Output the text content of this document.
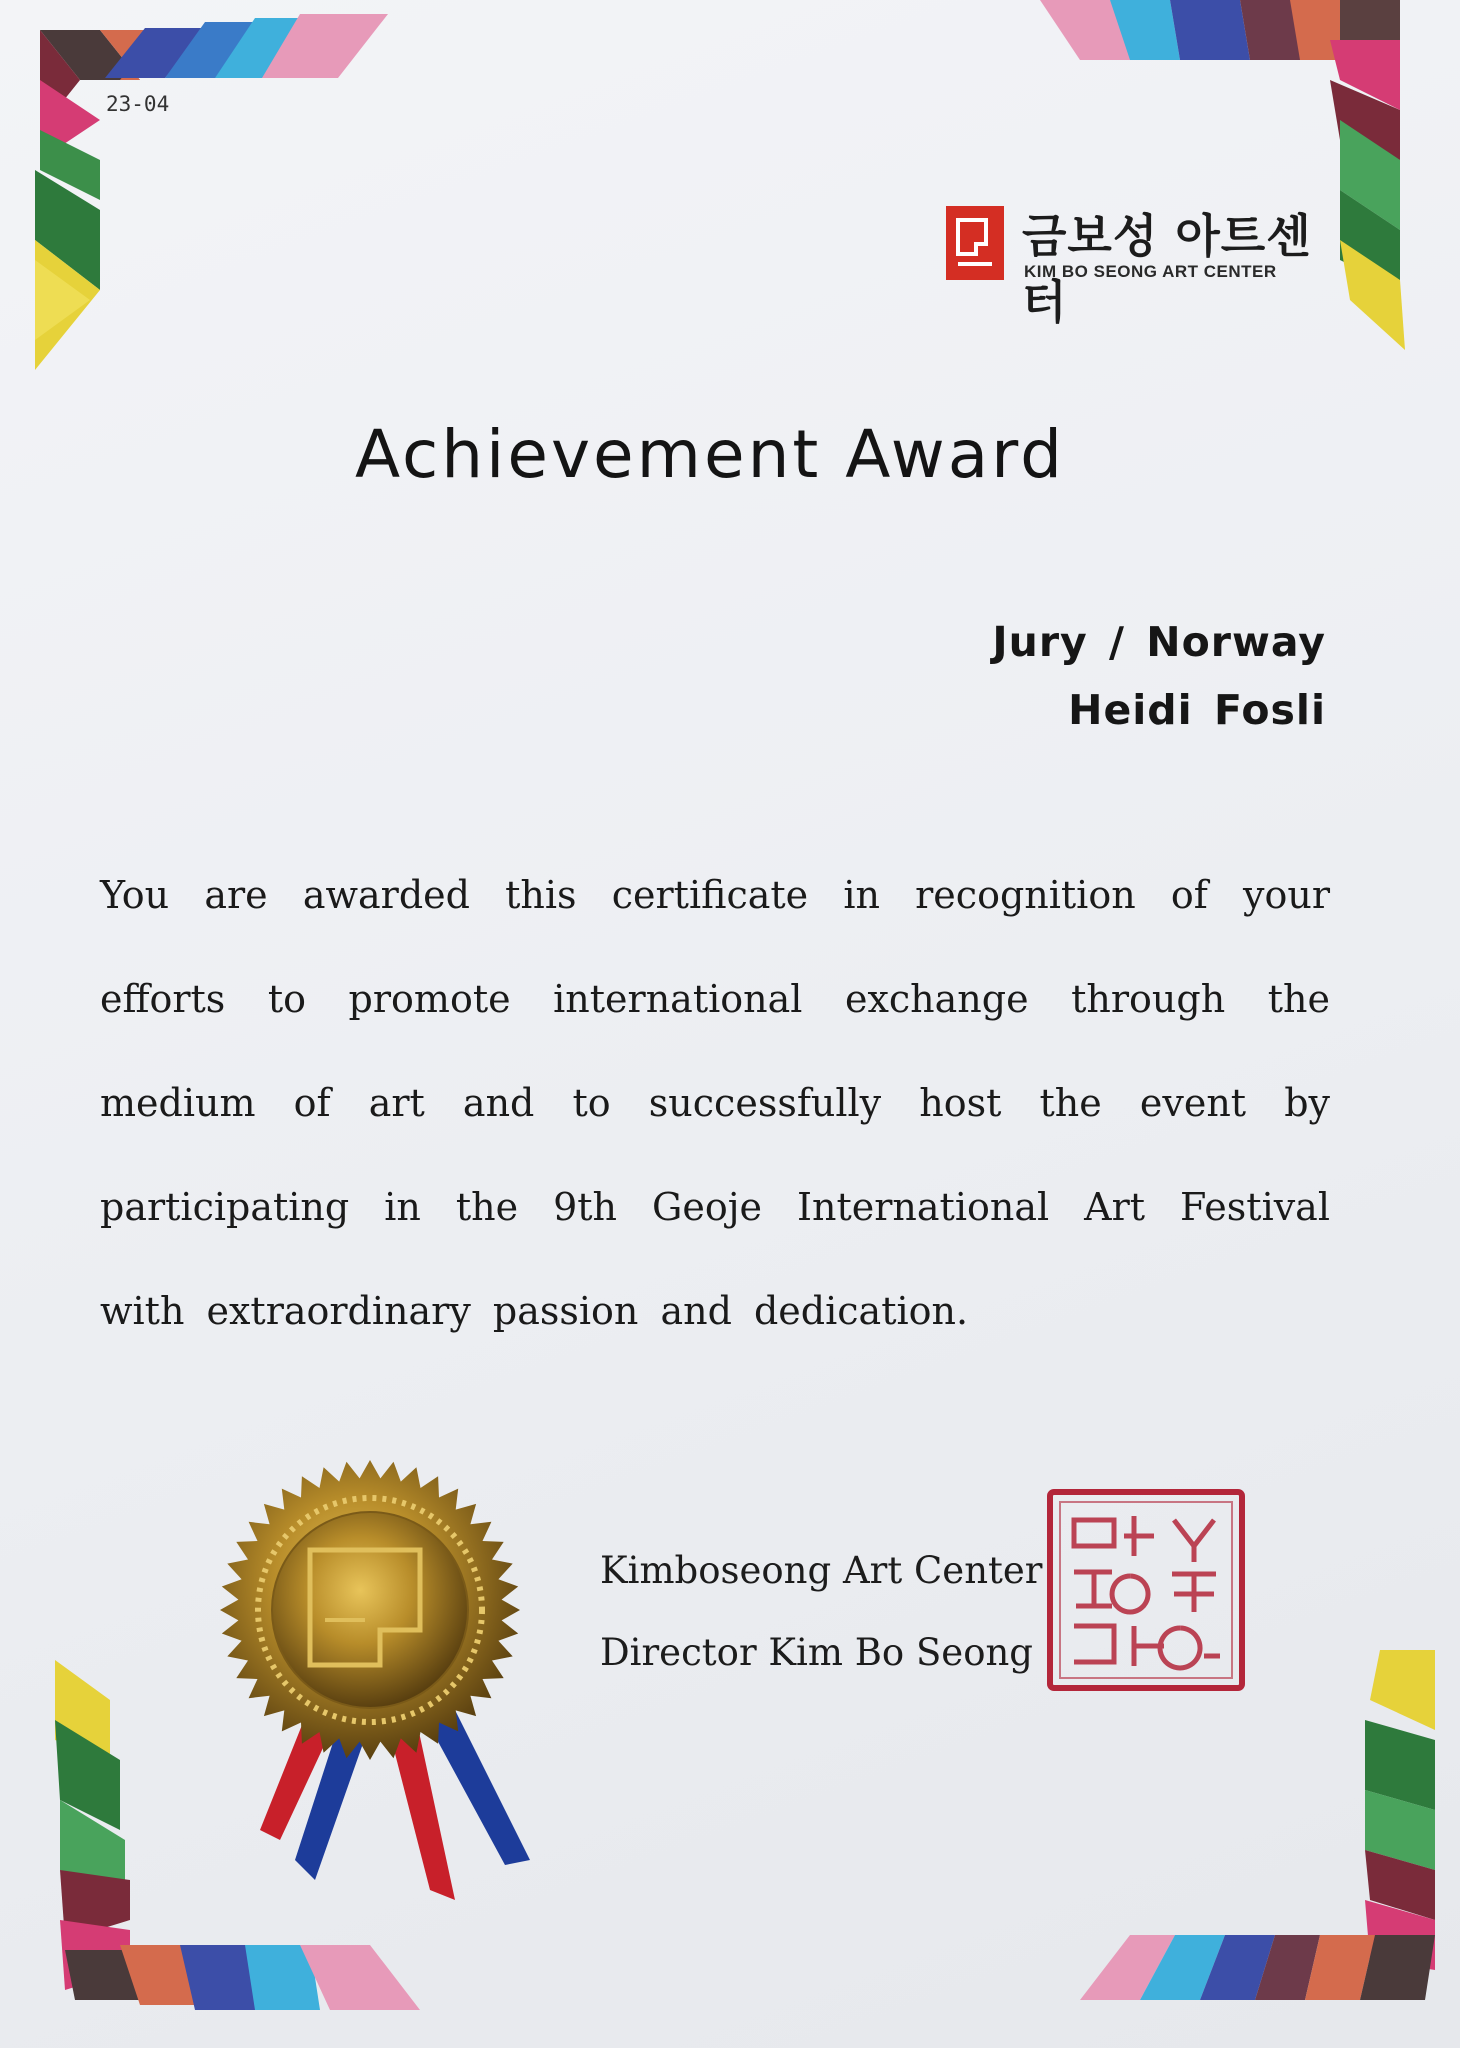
23-04
금보성 아트센터
KIM BO SEONG ART CENTER
Achievement Award
Jury / Norway
Heidi Fosli
You are awarded this certificate in recognition of your efforts to promote international exchange through the medium of art and to successfully host the event by participating in the 9th Geoje International Art Festival with extraordinary passion and dedication.
Kimboseong Art Center
Director Kim Bo Seong
